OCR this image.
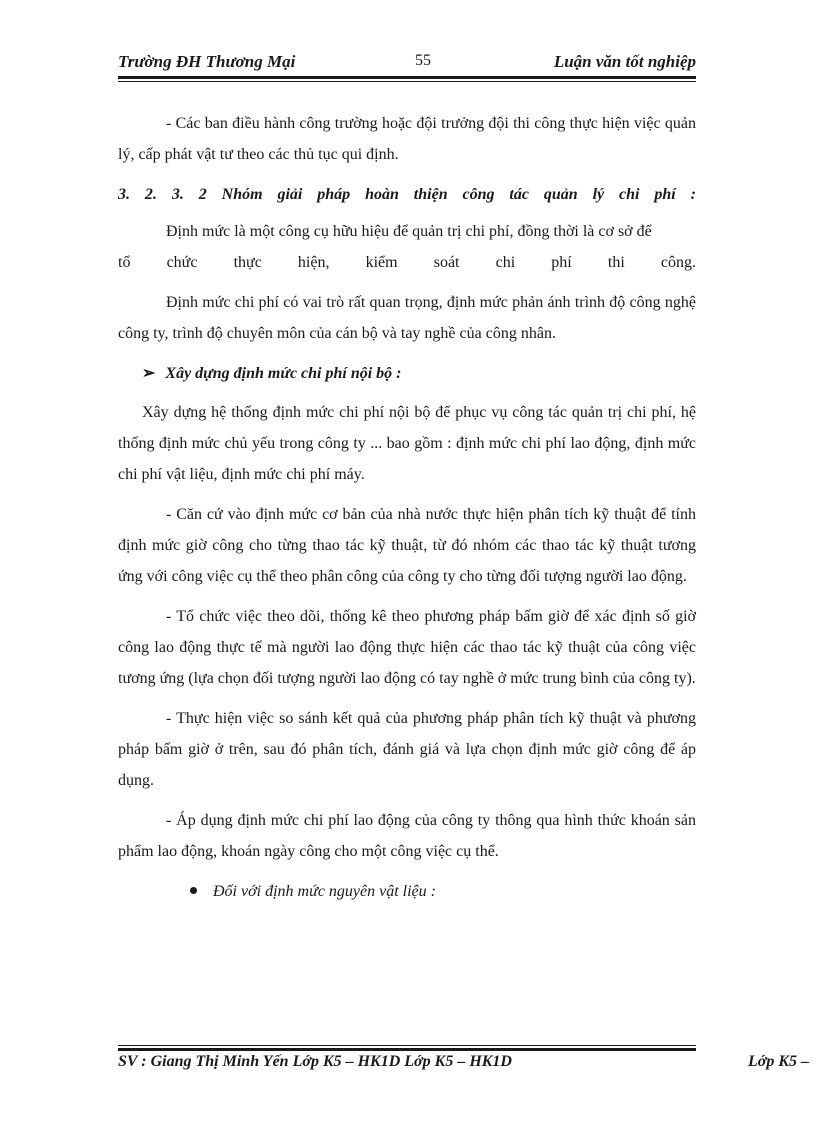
Trường ĐH Thương Mại	55	Luận văn tốt nghiệp

- Các ban điều hành công trường hoặc đội trưởng đội thi công thực hiện việc quản lý, cấp phát vật tư theo các thủ tục qui định.

3. 2. 3. 2 Nhóm giải pháp hoàn thiện công tác quản lý chi phí :

Định mức là một công cụ hữu hiệu để quản trị chi phí, đồng thời là cơ sở để

tổ chức thực hiện, kiểm soát chi phí thi công.

Định mức chi phí có vai trò rất quan trọng, định mức phản ánh trình độ công nghệ công ty, trình độ chuyên môn của cán bộ và tay nghề của công nhân.

➢ Xây dựng định mức chi phí nội bộ :

Xây dựng hệ thống định mức chi phí nội bộ để phục vụ công tác quản trị chi phí, hệ thống định mức chủ yếu trong công ty ... bao gồm : định mức chi phí lao động, định mức chi phí vật liệu, định mức chi phí máy.

- Căn cứ vào định mức cơ bản của nhà nước thực hiện phân tích kỹ thuật để tính định mức giờ công cho từng thao tác kỹ thuật, từ đó nhóm các thao tác kỹ thuật tương ứng với công việc cụ thể theo phân công của công ty cho từng đối tượng người lao động.

- Tổ chức việc theo dõi, thống kê theo phương pháp bấm giờ để xác định số giờ công lao động thực tế mà người lao động thực hiện các thao tác kỹ thuật của công việc tương ứng (lựa chọn đối tượng người lao động có tay nghề ở mức trung bình của công ty).

- Thực hiện việc so sánh kết quả của phương pháp phân tích kỹ thuật và phương pháp bấm giờ ở trên, sau đó phân tích, đánh giá và lựa chọn định mức giờ công để áp dụng.

- Áp dụng định mức chi phí lao động của công ty thông qua hình thức khoán sản phẩm lao động, khoán ngày công cho một công việc cụ thể.

Đối với định mức nguyên vật liệu :
SV : Giang Thị Minh Yến Lớp K5 – HK1D Lớp K5 – HK1D	Lớp K5 –
